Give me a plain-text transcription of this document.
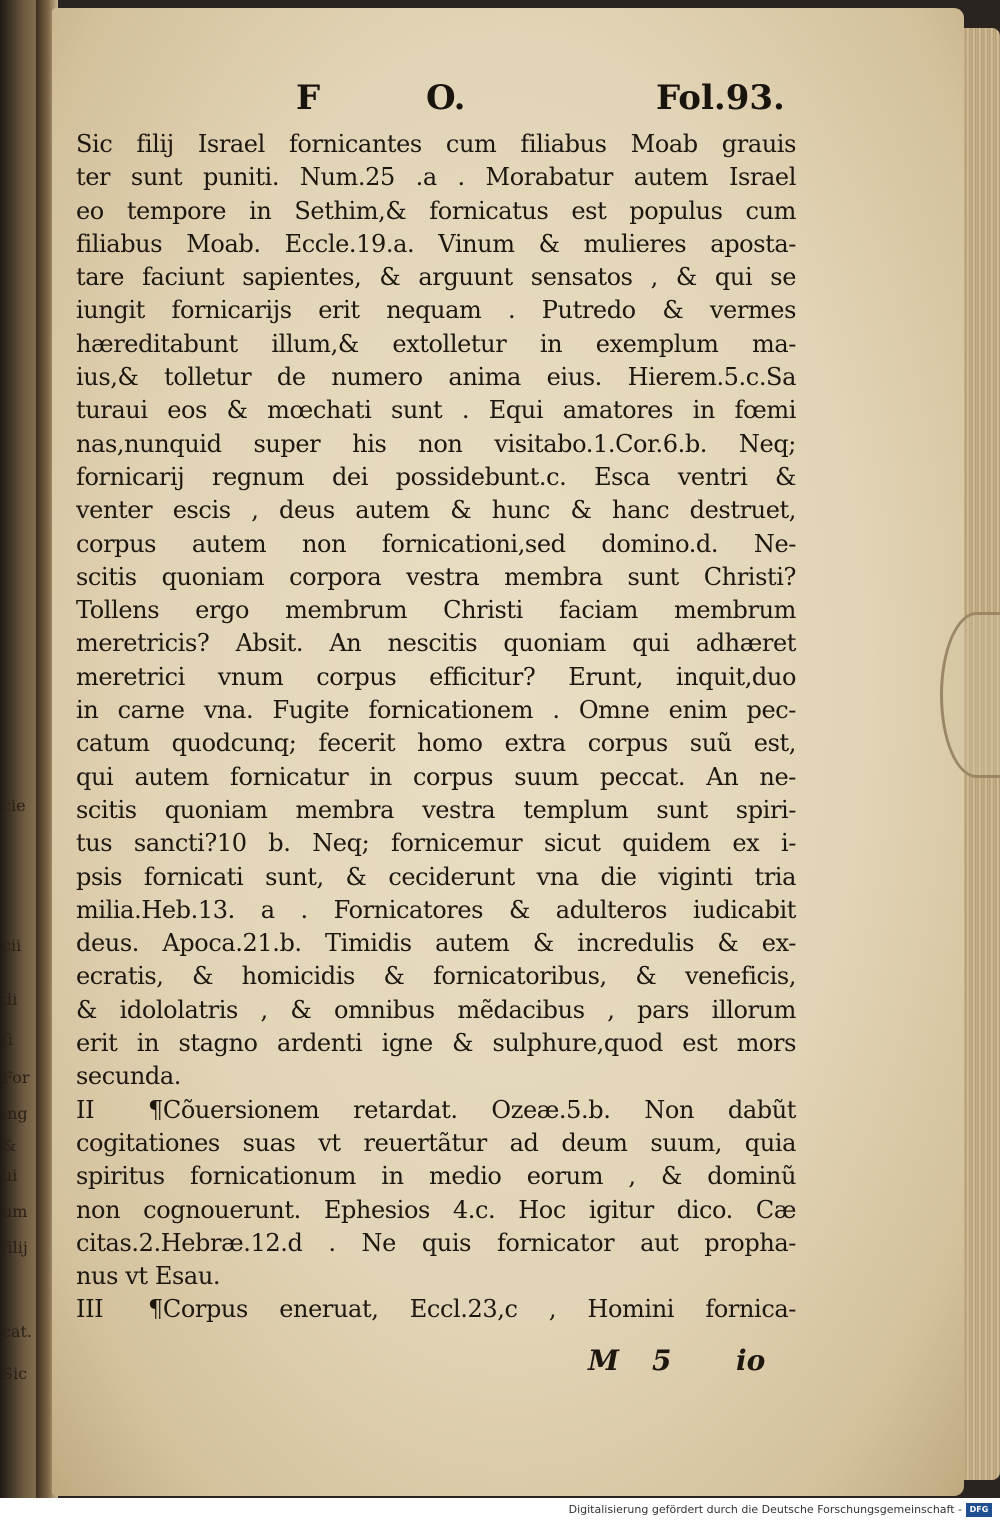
cie
cii
di
ſi
For
ing
&
ui
um
filij
cat.
Sic
F	O.	Fol.93.
Sic filij Israel fornicantes cum filiabus Moab grauis
ter sunt puniti. Num.25 .a . Morabatur autem Israel
eo tempore in Sethim,& fornicatus est populus cum
filiabus Moab. Eccle.19.a. Vinum & mulieres aposta-
tare faciunt sapientes, & arguunt sensatos , & qui se
iungit fornicarijs erit nequam . Putredo & vermes
hæreditabunt illum,& extolletur in exemplum ma-
ius,& tolletur de numero anima eius. Hierem.5.c.Sa
turaui eos & mœchati sunt . Equi amatores in fœmi
nas,nunquid super his non visitabo.1.Cor.6.b. Neq;
fornicarij regnum dei possidebunt.c. Esca ventri &
venter escis , deus autem & hunc & hanc destruet,
corpus autem non fornicationi,sed domino.d. Ne-
scitis quoniam corpora vestra membra sunt Christi?
Tollens ergo membrum Christi faciam membrum
meretricis? Absit. An nescitis quoniam qui adhæret
meretrici vnum corpus efficitur? Erunt, inquit,duo
in carne vna. Fugite fornicationem . Omne enim pec-
catum quodcunq; fecerit homo extra corpus suũ est,
qui autem fornicatur in corpus suum peccat. An ne-
scitis quoniam membra vestra templum sunt spiri-
tus sancti?10 b. Neq; fornicemur sicut quidem ex i-
psis fornicati sunt, & ceciderunt vna die viginti tria
milia.Heb.13. a . Fornicatores & adulteros iudicabit
deus. Apoca.21.b. Timidis autem & incredulis & ex-
ecratis, & homicidis & fornicatoribus, & veneficis,
& idololatris , & omnibus mẽdacibus , pars illorum
erit in stagno ardenti igne & sulphure,quod est mors
secunda.
II ¶Cõuersionem retardat. Ozeæ.5.b. Non dabũt
cogitationes suas vt reuertãtur ad deum suum, quia
spiritus fornicationum in medio eorum , & dominũ
non cognouerunt. Ephesios 4.c. Hoc igitur dico. Cæ
citas.2.Hebræ.12.d . Ne quis fornicator aut propha-
nus vt Esau.
III ¶Corpus eneruat, Eccl.23,c , Homini fornica-
M 5 io
Digitalisierung gefördert durch die Deutsche Forschungsgemeinschaft - DFG
